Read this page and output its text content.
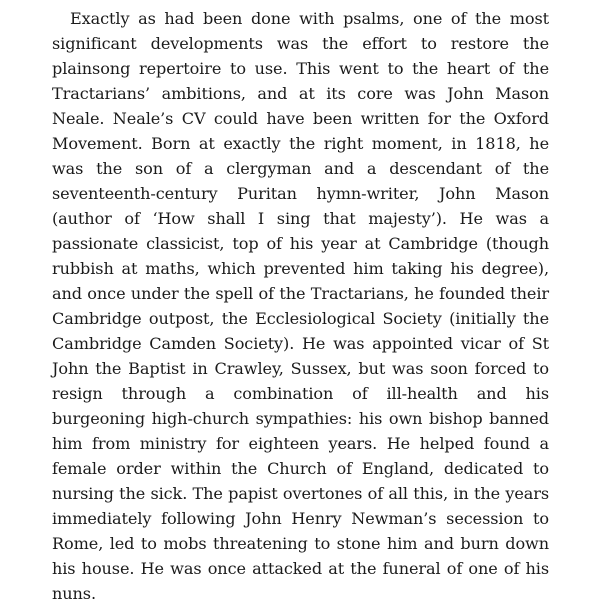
Exactly as had been done with psalms, one of the most significant developments was the effort to restore the plainsong repertoire to use. This went to the heart of the Tractarians’ ambitions, and at its core was John Mason Neale. Neale’s CV could have been written for the Oxford Movement. Born at exactly the right moment, in 1818, he was the son of a clergyman and a descendant of the seventeenth-century Puritan hymn-writer, John Mason (author of ‘How shall I sing that majesty’). He was a passionate classicist, top of his year at Cambridge (though rubbish at maths, which prevented him taking his degree), and once under the spell of the Tractarians, he founded their Cambridge outpost, the Ecclesiological Society (initially the Cambridge Camden Society). He was appointed vicar of St John the Baptist in Crawley, Sussex, but was soon forced to resign through a combination of ill-health and his burgeoning high-church sympathies: his own bishop banned him from ministry for eighteen years. He helped found a female order within the Church of England, dedicated to nursing the sick. The papist overtones of all this, in the years immediately following John Henry Newman’s secession to Rome, led to mobs threatening to stone him and burn down his house. He was once attacked at the funeral of one of his nuns.
